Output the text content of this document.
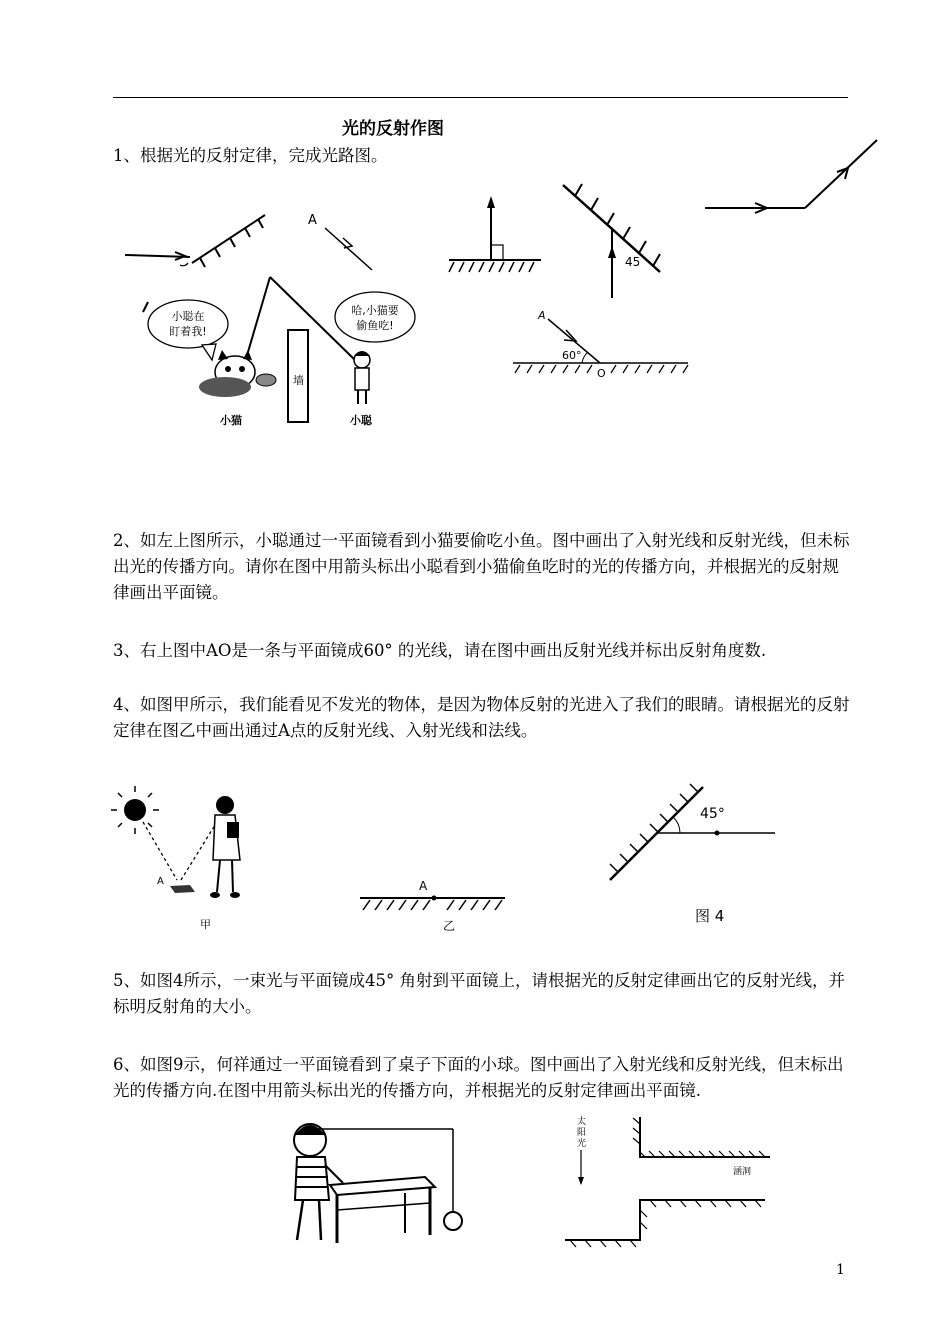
光的反射作图
1、根据光的反射定律，完成光路图。
A
45
小聪在
盯着我!
哈,小猫要
偷鱼吃!
小猫
墙
小聪
A
60°
O
2、如左上图所示，小聪通过一平面镜看到小猫要偷吃小鱼。图中画出了入射光线和反射光线，但未标出光的传播方向。请你在图中用箭头标出小聪看到小猫偷鱼吃时的光的传播方向，并根据光的反射规律画出平面镜。
3、右上图中AO是一条与平面镜成60° 的光线，请在图中画出反射光线并标出反射角度数.
4、如图甲所示，我们能看见不发光的物体，是因为物体反射的光进入了我们的眼睛。请根据光的反射定律在图乙中画出通过A点的反射光线、入射光线和法线。
A
甲
A
乙
45°
图 4
5、如图4所示，一束光与平面镜成45° 角射到平面镜上，请根据光的反射定律画出它的反射光线，并标明反射角的大小。
6、如图9示，何祥通过一平面镜看到了桌子下面的小球。图中画出了入射光线和反射光线，但末标出光的传播方向.在图中用箭头标出光的传播方向，并根据光的反射定律画出平面镜.
太
阳
光
涵洞
1
